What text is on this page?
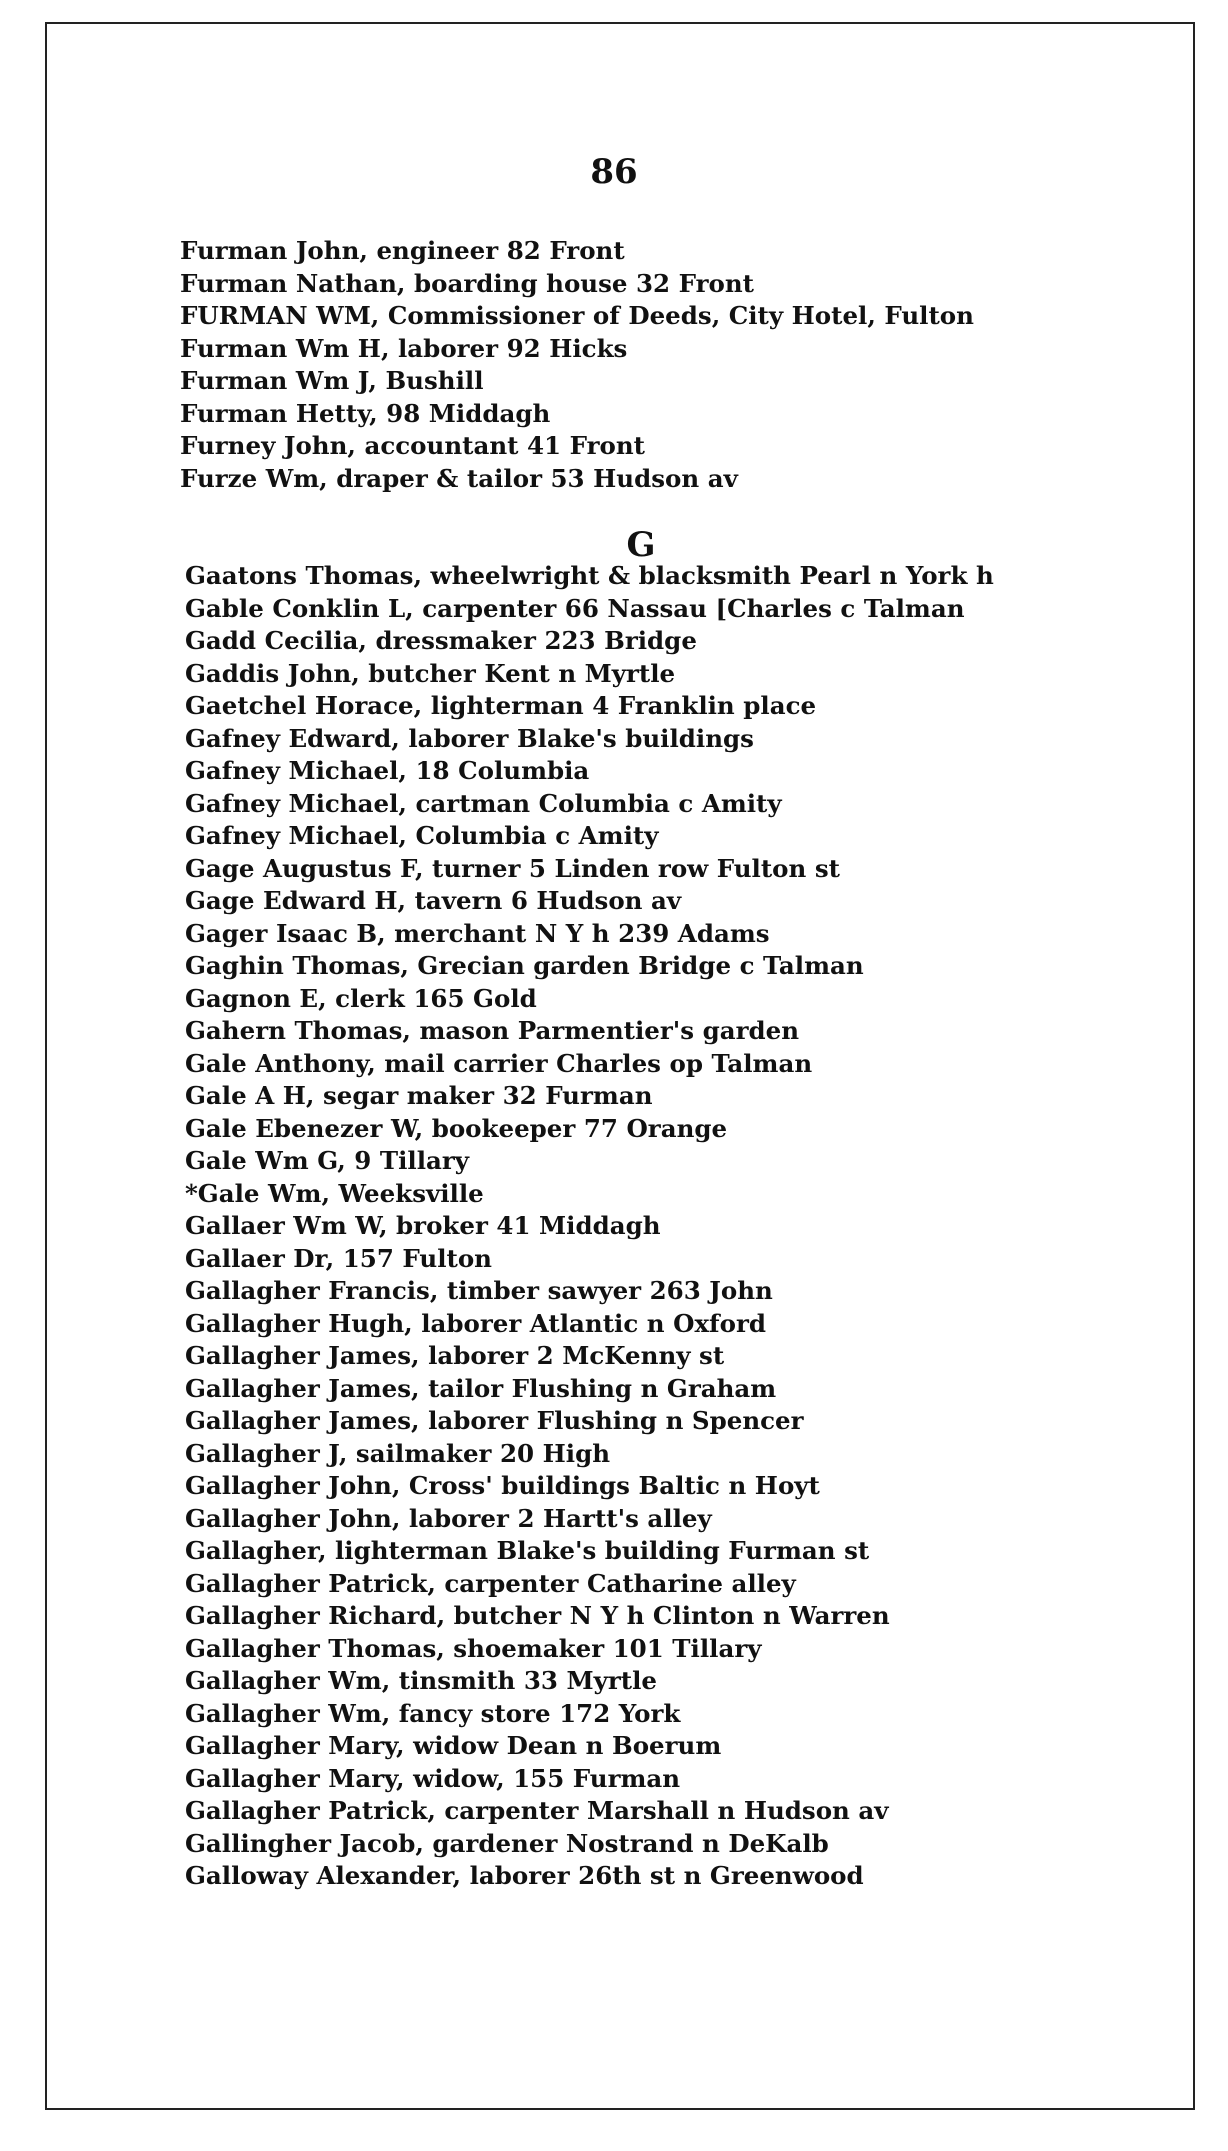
86
Furman John, engineer 82 Front
Furman Nathan, boarding house 32 Front
FURMAN WM, Commissioner of Deeds, City Hotel, Fulton
Furman Wm H, laborer 92 Hicks
Furman Wm J, Bushill
Furman Hetty, 98 Middagh
Furney John, accountant 41 Front
Furze Wm, draper & tailor 53 Hudson av
G
Gaatons Thomas, wheelwright & blacksmith Pearl n York h
Gable Conklin L, carpenter 66 Nassau [Charles c Talman
Gadd Cecilia, dressmaker 223 Bridge
Gaddis John, butcher Kent n Myrtle
Gaetchel Horace, lighterman 4 Franklin place
Gafney Edward, laborer Blake's buildings
Gafney Michael, 18 Columbia
Gafney Michael, cartman Columbia c Amity
Gafney Michael, Columbia c Amity
Gage Augustus F, turner 5 Linden row Fulton st
Gage Edward H, tavern 6 Hudson av
Gager Isaac B, merchant N Y h 239 Adams
Gaghin Thomas, Grecian garden Bridge c Talman
Gagnon E, clerk 165 Gold
Gahern Thomas, mason Parmentier's garden
Gale Anthony, mail carrier Charles op Talman
Gale A H, segar maker 32 Furman
Gale Ebenezer W, bookeeper 77 Orange
Gale Wm G, 9 Tillary
*Gale Wm, Weeksville
Gallaer Wm W, broker 41 Middagh
Gallaer Dr, 157 Fulton
Gallagher Francis, timber sawyer 263 John
Gallagher Hugh, laborer Atlantic n Oxford
Gallagher James, laborer 2 McKenny st
Gallagher James, tailor Flushing n Graham
Gallagher James, laborer Flushing n Spencer
Gallagher J, sailmaker 20 High
Gallagher John, Cross' buildings Baltic n Hoyt
Gallagher John, laborer 2 Hartt's alley
Gallagher, lighterman Blake's building Furman st
Gallagher Patrick, carpenter Catharine alley
Gallagher Richard, butcher N Y h Clinton n Warren
Gallagher Thomas, shoemaker 101 Tillary
Gallagher Wm, tinsmith 33 Myrtle
Gallagher Wm, fancy store 172 York
Gallagher Mary, widow Dean n Boerum
Gallagher Mary, widow, 155 Furman
Gallagher Patrick, carpenter Marshall n Hudson av
Gallingher Jacob, gardener Nostrand n DeKalb
Galloway Alexander, laborer 26th st n Greenwood
